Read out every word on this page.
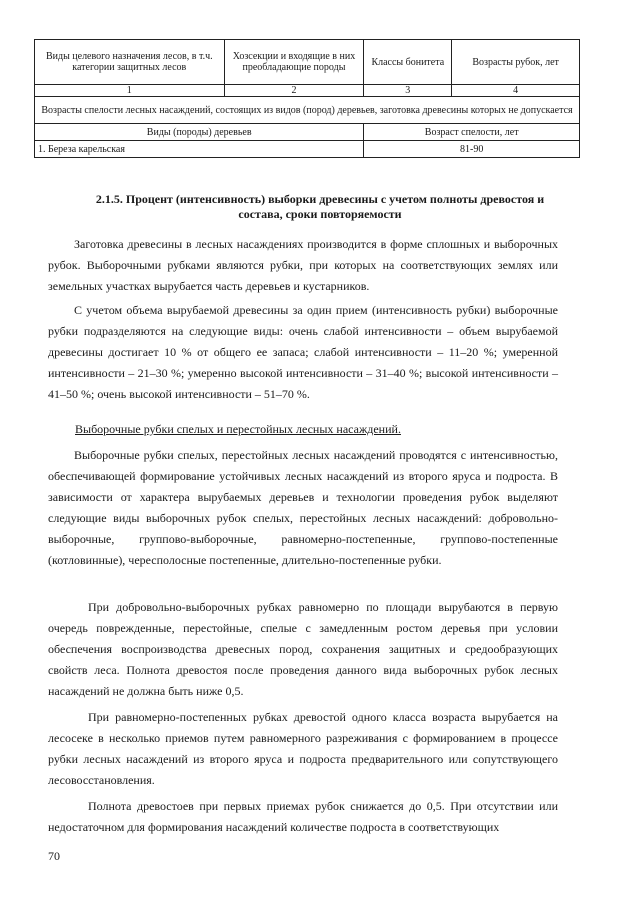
Виды целевого назначения лесов, в т.ч. категории защитных лесов	Хозсекции и входящие в них преобладающие породы	Классы бонитета	Возрасты рубок, лет
1	2	3	4
Возрасты спелости лесных насаждений, состоящих из видов (пород) деревьев, заготовка древесины которых не допускается			
Виды (породы) деревьев		Возраст спелости, лет	
1. Береза карельская		81-90	
2.1.5. Процент (интенсивность) выборки древесины с учетом полноты древостоя и состава, сроки повторяемости

Заготовка древесины в лесных насаждениях производится в форме сплошных и выборочных рубок. Выборочными рубками являются рубки, при которых на соответствующих землях или земельных участках вырубается часть деревьев и кустарников.

С учетом объема вырубаемой древесины за один прием (интенсивность рубки) выборочные рубки подразделяются на следующие виды: очень слабой интенсивности – объем вырубаемой древесины достигает 10 % от общего ее запаса; слабой интенсивности – 11–20 %; умеренной интенсивности – 21–30 %; умеренно высокой интенсивности – 31–40 %; высокой интенсивности – 41–50 %; очень высокой интенсивности – 51–70 %.

Выборочные рубки спелых и перестойных лесных насаждений.

Выборочные рубки спелых, перестойных лесных насаждений проводятся с интенсивностью, обеспечивающей формирование устойчивых лесных насаждений из второго яруса и подроста. В зависимости от характера вырубаемых деревьев и технологии проведения рубок выделяют следующие виды выборочных рубок спелых, перестойных лесных насаждений: добровольно-выборочные, группово-выборочные, равномерно-постепенные, группово-постепенные (котловинные), чересполосные постепенные, длительно-постепенные рубки.

При добровольно-выборочных рубках равномерно по площади вырубаются в первую очередь поврежденные, перестойные, спелые с замедленным ростом деревья при условии обеспечения воспроизводства древесных пород, сохранения защитных и средообразующих свойств леса. Полнота древостоя после проведения данного вида выборочных рубок лесных насаждений не должна быть ниже 0,5.

При равномерно-постепенных рубках древостой одного класса возраста вырубается на лесосеке в несколько приемов путем равномерного разреживания с формированием в процессе рубки лесных насаждений из второго яруса и подроста предварительного или сопутствующего лесовосстановления.

Полнота древостоев при первых приемах рубок снижается до 0,5. При отсутствии или недостаточном для формирования насаждений количестве подроста в соответствующих

70
